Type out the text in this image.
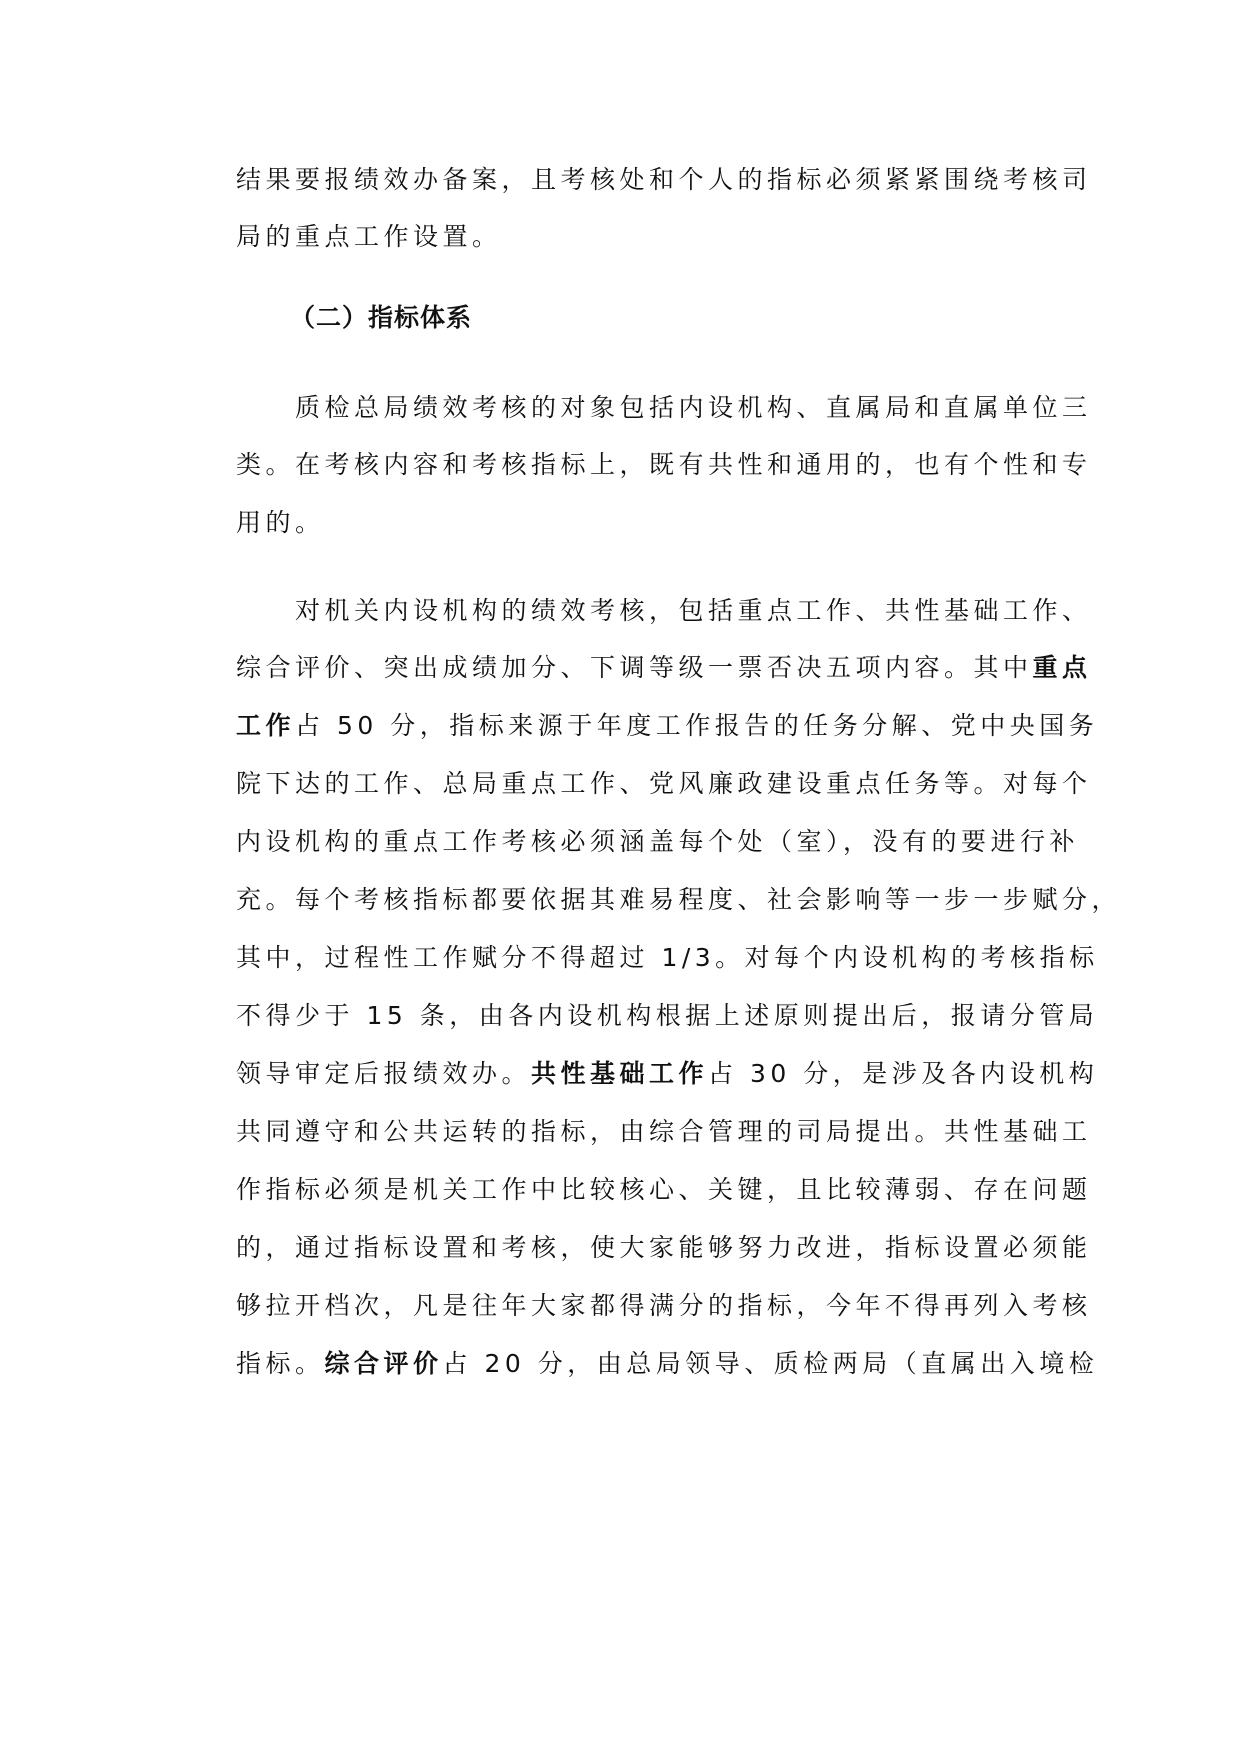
结果要报绩效办备案，且考核处和个人的指标必须紧紧围绕考核司
局的重点工作设置。
（二）指标体系
　　质检总局绩效考核的对象包括内设机构、直属局和直属单位三
类。在考核内容和考核指标上，既有共性和通用的，也有个性和专
用的。
　　对机关内设机构的绩效考核，包括重点工作、共性基础工作、
综合评价、突出成绩加分、下调等级一票否决五项内容。其中重点
工作占 50 分，指标来源于年度工作报告的任务分解、党中央国务
院下达的工作、总局重点工作、党风廉政建设重点任务等。对每个
内设机构的重点工作考核必须涵盖每个处（室），没有的要进行补
充。每个考核指标都要依据其难易程度、社会影响等一步一步赋分，
其中，过程性工作赋分不得超过 1/3。对每个内设机构的考核指标
不得少于 15 条，由各内设机构根据上述原则提出后，报请分管局
领导审定后报绩效办。共性基础工作占 30 分，是涉及各内设机构
共同遵守和公共运转的指标，由综合管理的司局提出。共性基础工
作指标必须是机关工作中比较核心、关键，且比较薄弱、存在问题
的，通过指标设置和考核，使大家能够努力改进，指标设置必须能
够拉开档次，凡是往年大家都得满分的指标，今年不得再列入考核
指标。综合评价占 20 分，由总局领导、质检两局（直属出入境检
